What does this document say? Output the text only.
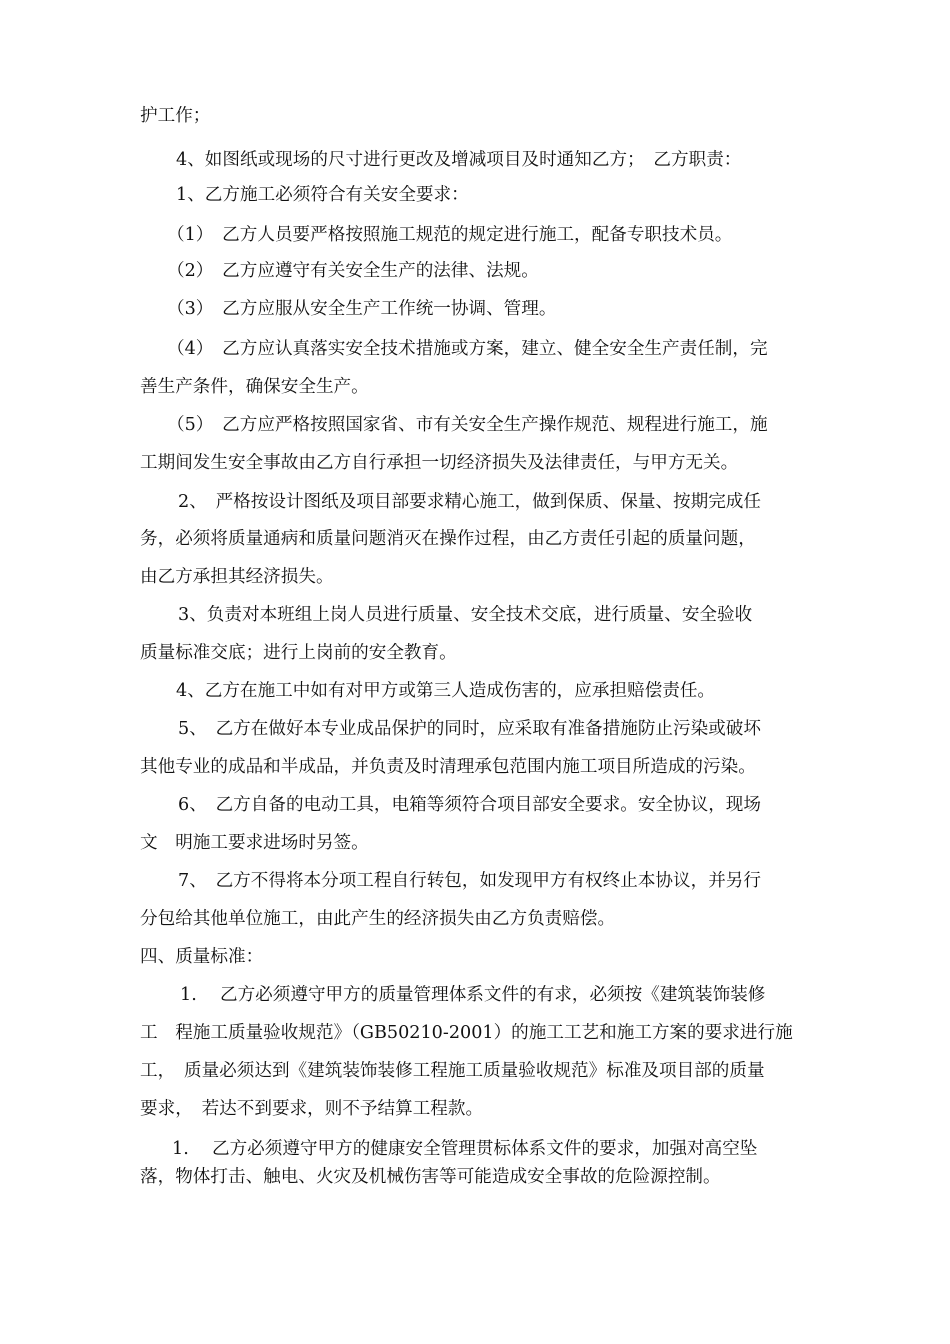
护工作；
4、如图纸或现场的尺寸进行更改及增减项目及时通知乙方；　乙方职责：
1、乙方施工必须符合有关安全要求：
（1）　乙方人员要严格按照施工规范的规定进行施工，配备专职技术员。
（2）　乙方应遵守有关安全生产的法律、法规。
（3）　乙方应服从安全生产工作统一协调、管理。
（4）　乙方应认真落实安全技术措施或方案，建立、健全安全生产责任制，完
善生产条件，确保安全生产。
（5）　乙方应严格按照国家省、市有关安全生产操作规范、规程进行施工，施
工期间发生安全事故由乙方自行承担一切经济损失及法律责任，与甲方无关。
2、　严格按设计图纸及项目部要求精心施工，做到保质、保量、按期完成任
务，必须将质量通病和质量问题消灭在操作过程，由乙方责任引起的质量问题，
由乙方承担其经济损失。
3、负责对本班组上岗人员进行质量、安全技术交底，进行质量、安全验收
质量标准交底；进行上岗前的安全教育。
4、乙方在施工中如有对甲方或第三人造成伤害的，应承担赔偿责任。
5、　乙方在做好本专业成品保护的同时，应采取有准备措施防止污染或破坏
其他专业的成品和半成品，并负责及时清理承包范围内施工项目所造成的污染。
6、　乙方自备的电动工具，电箱等须符合项目部安全要求。安全协议，现场
文　明施工要求进场时另签。
7、　乙方不得将本分项工程自行转包，如发现甲方有权终止本协议，并另行
分包给其他单位施工，由此产生的经济损失由乙方负责赔偿。
四、质量标准：
1.　 乙方必须遵守甲方的质量管理体系文件的有求，必须按《建筑装饰装修
工　程施工质量验收规范》（GB50210-2001）的施工工艺和施工方案的要求进行施
工，　质量必须达到《建筑装饰装修工程施工质量验收规范》标准及项目部的质量
要求，　若达不到要求，则不予结算工程款。
1.　 乙方必须遵守甲方的健康安全管理贯标体系文件的要求，加强对高空坠
落，物体打击、触电、火灾及机械伤害等可能造成安全事故的危险源控制。
